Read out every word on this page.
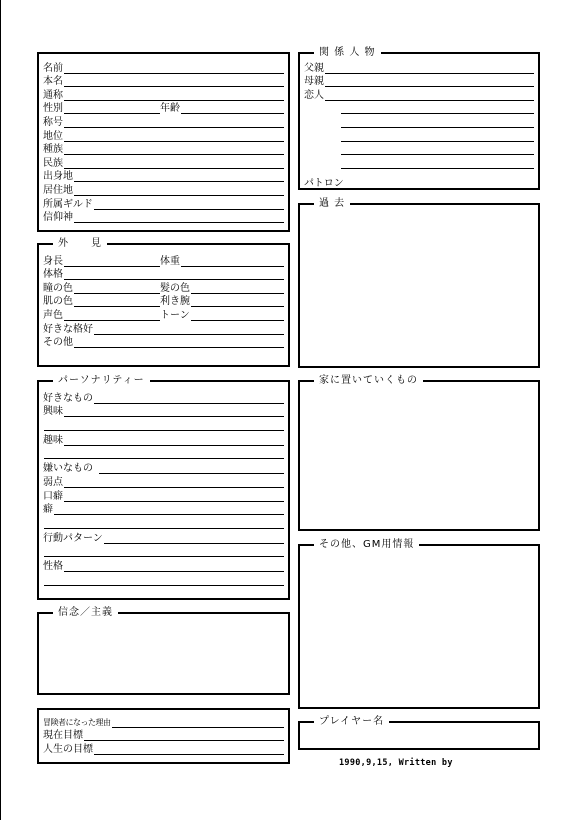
名前
本名
通称
性別	年齢
称号
地位
種族
民族
出身地
居住地
所属ギルド
信仰神
関 係 人 物
父親
母親
恋人
パトロン
過 去
外　　見
身長	体重
体格
瞳の色	髪の色
肌の色	利き腕
声色	トーン
好きな格好
その他
家に置いていくもの
パーソナリティー
好きなもの
興味
趣味
嫌いなもの
弱点
口癖
癖
行動パターン
性格
その他、GM用情報
信念／主義
冒険者になった理由
現在目標
人生の目標
プレイヤー名
1990,9,15, Written by
